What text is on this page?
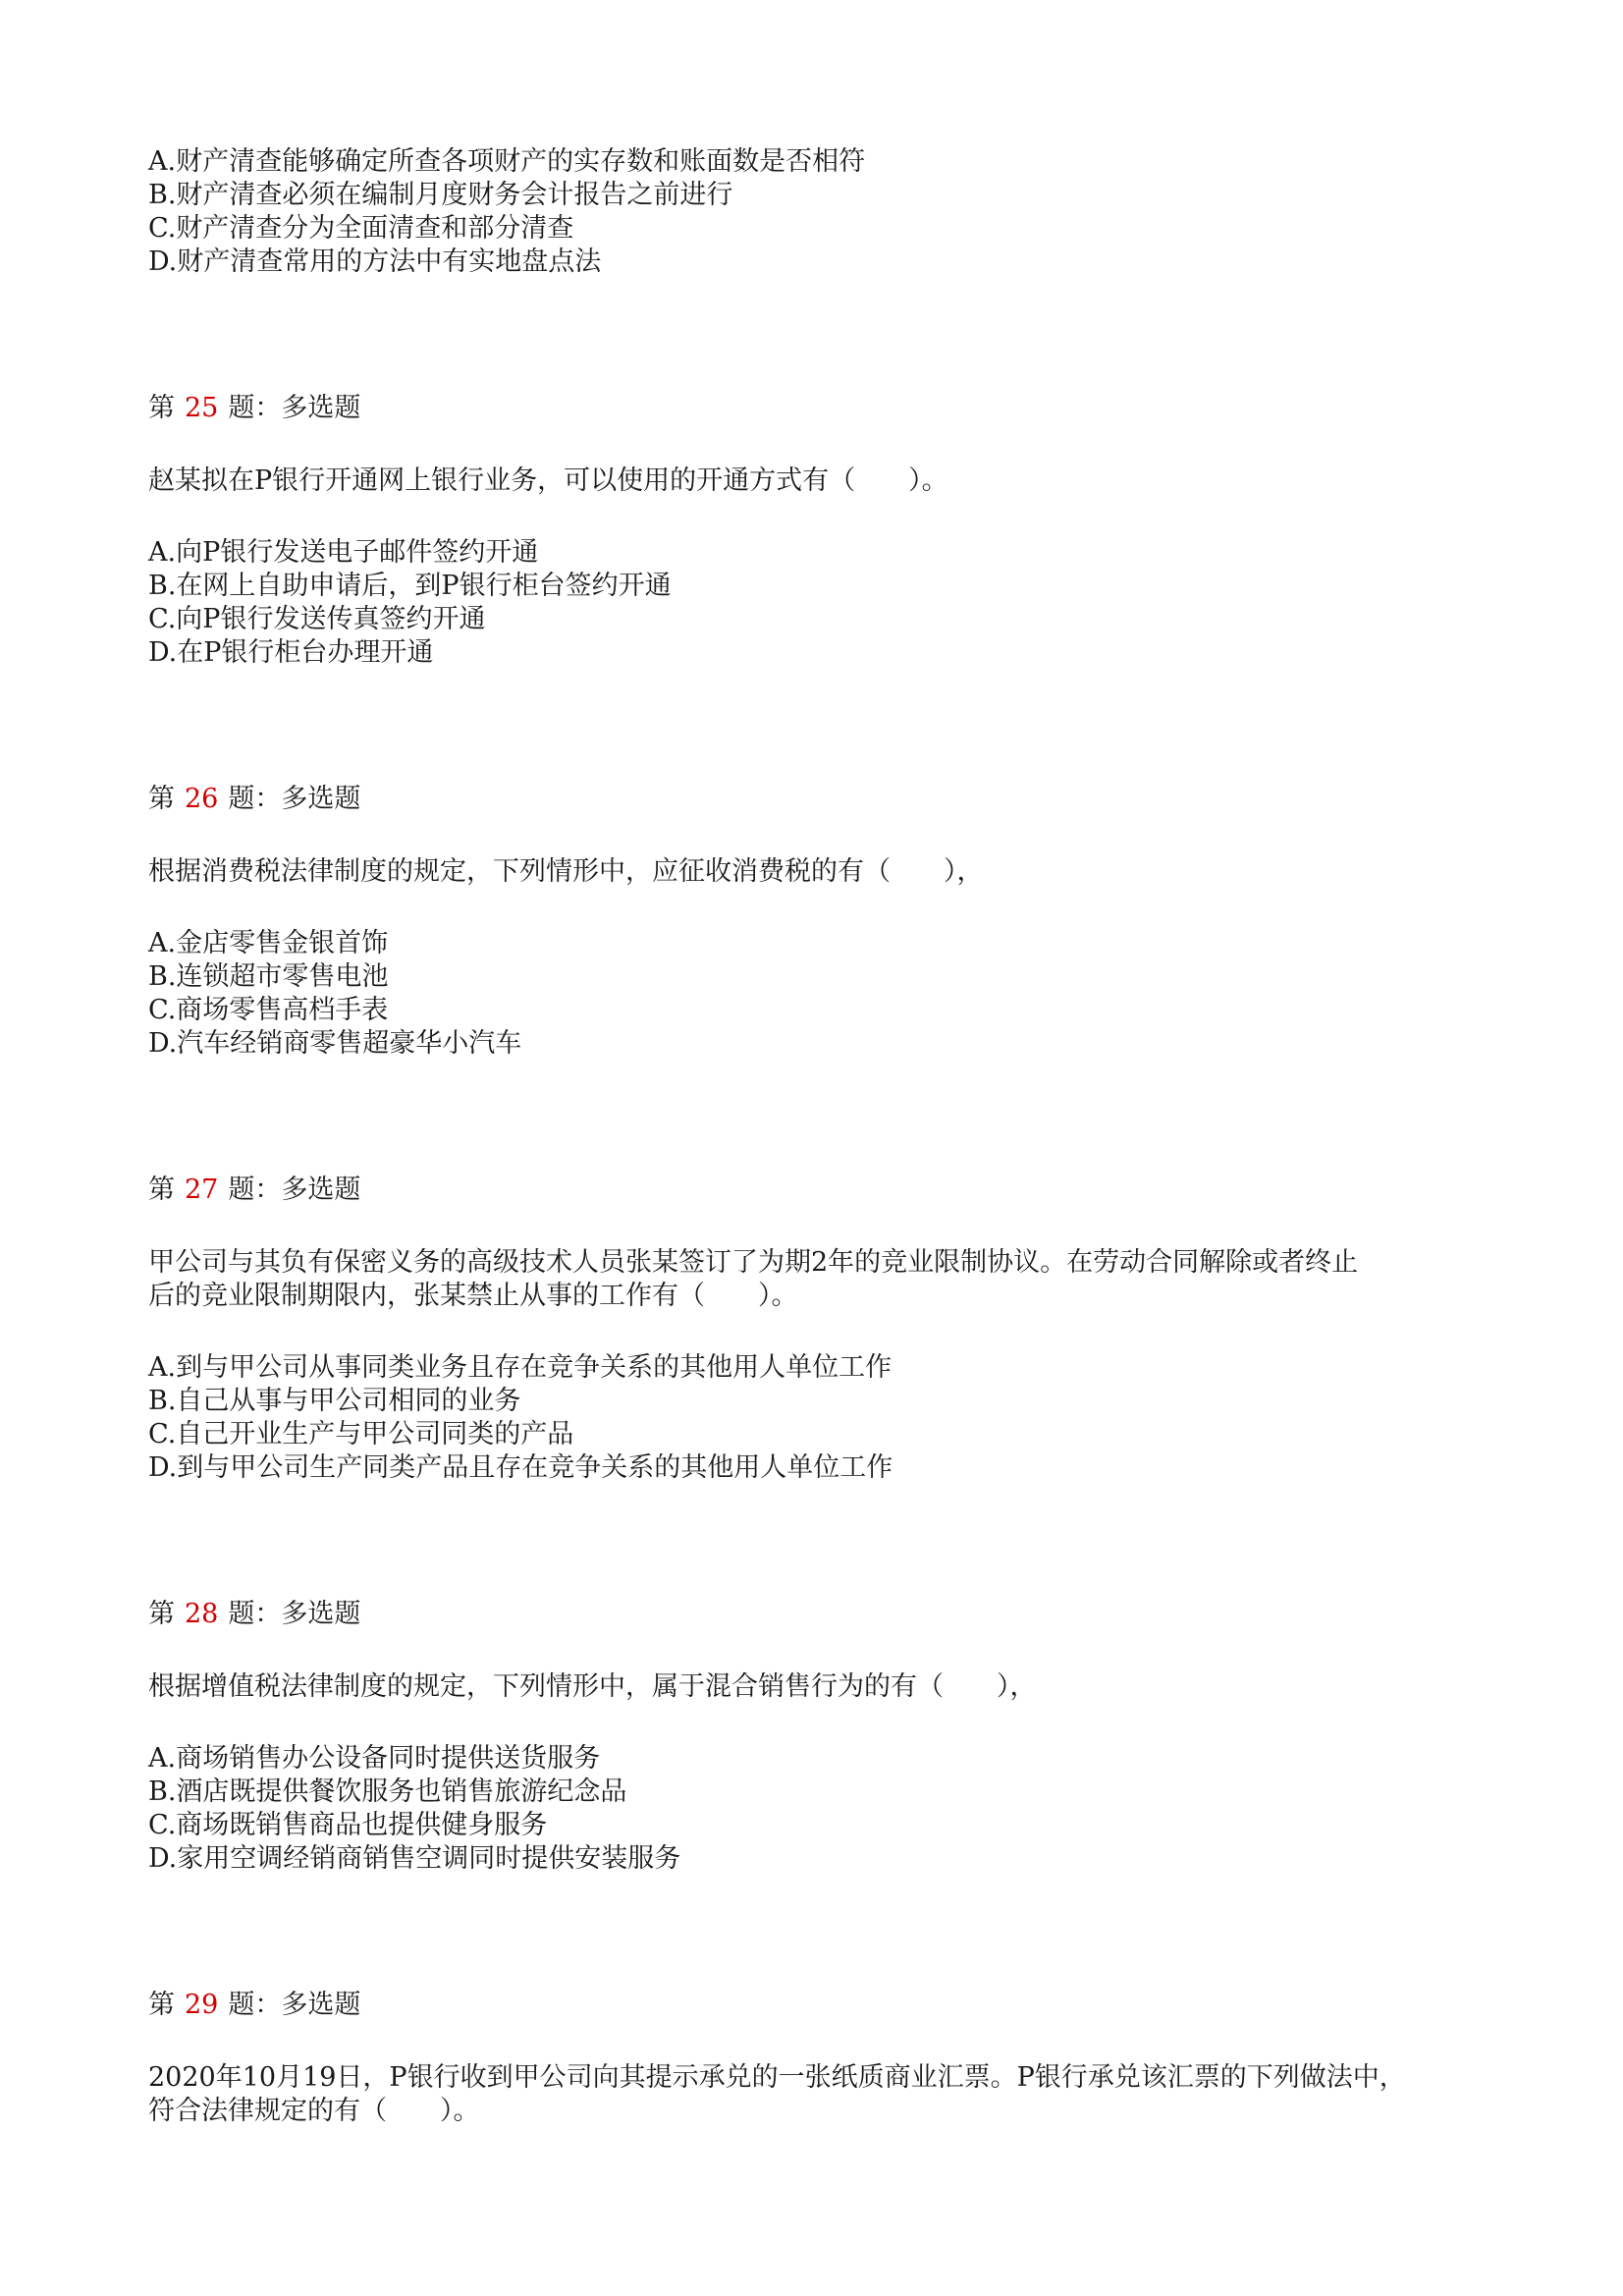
A.财产清查能够确定所查各项财产的实存数和账面数是否相符
B.财产清查必须在编制月度财务会计报告之前进行
C.财产清查分为全面清查和部分清查
D.财产清查常用的方法中有实地盘点法
第 25 题：多选题
赵某拟在P银行开通网上银行业务，可以使用的开通方式有（　　）。
A.向P银行发送电子邮件签约开通
B.在网上自助申请后，到P银行柜台签约开通
C.向P银行发送传真签约开通
D.在P银行柜台办理开通
第 26 题：多选题
根据消费税法律制度的规定，下列情形中，应征收消费税的有（　　），
A.金店零售金银首饰
B.连锁超市零售电池
C.商场零售高档手表
D.汽车经销商零售超豪华小汽车
第 27 题：多选题
甲公司与其负有保密义务的高级技术人员张某签订了为期2年的竞业限制协议。在劳动合同解除或者终止
后的竞业限制期限内，张某禁止从事的工作有（　　）。
A.到与甲公司从事同类业务且存在竞争关系的其他用人单位工作
B.自己从事与甲公司相同的业务
C.自己开业生产与甲公司同类的产品
D.到与甲公司生产同类产品且存在竞争关系的其他用人单位工作
第 28 题：多选题
根据增值税法律制度的规定，下列情形中，属于混合销售行为的有（　　），
A.商场销售办公设备同时提供送货服务
B.酒店既提供餐饮服务也销售旅游纪念品
C.商场既销售商品也提供健身服务
D.家用空调经销商销售空调同时提供安装服务
第 29 题：多选题
2020年10月19日，P银行收到甲公司向其提示承兑的一张纸质商业汇票。P银行承兑该汇票的下列做法中，
符合法律规定的有（　　）。
